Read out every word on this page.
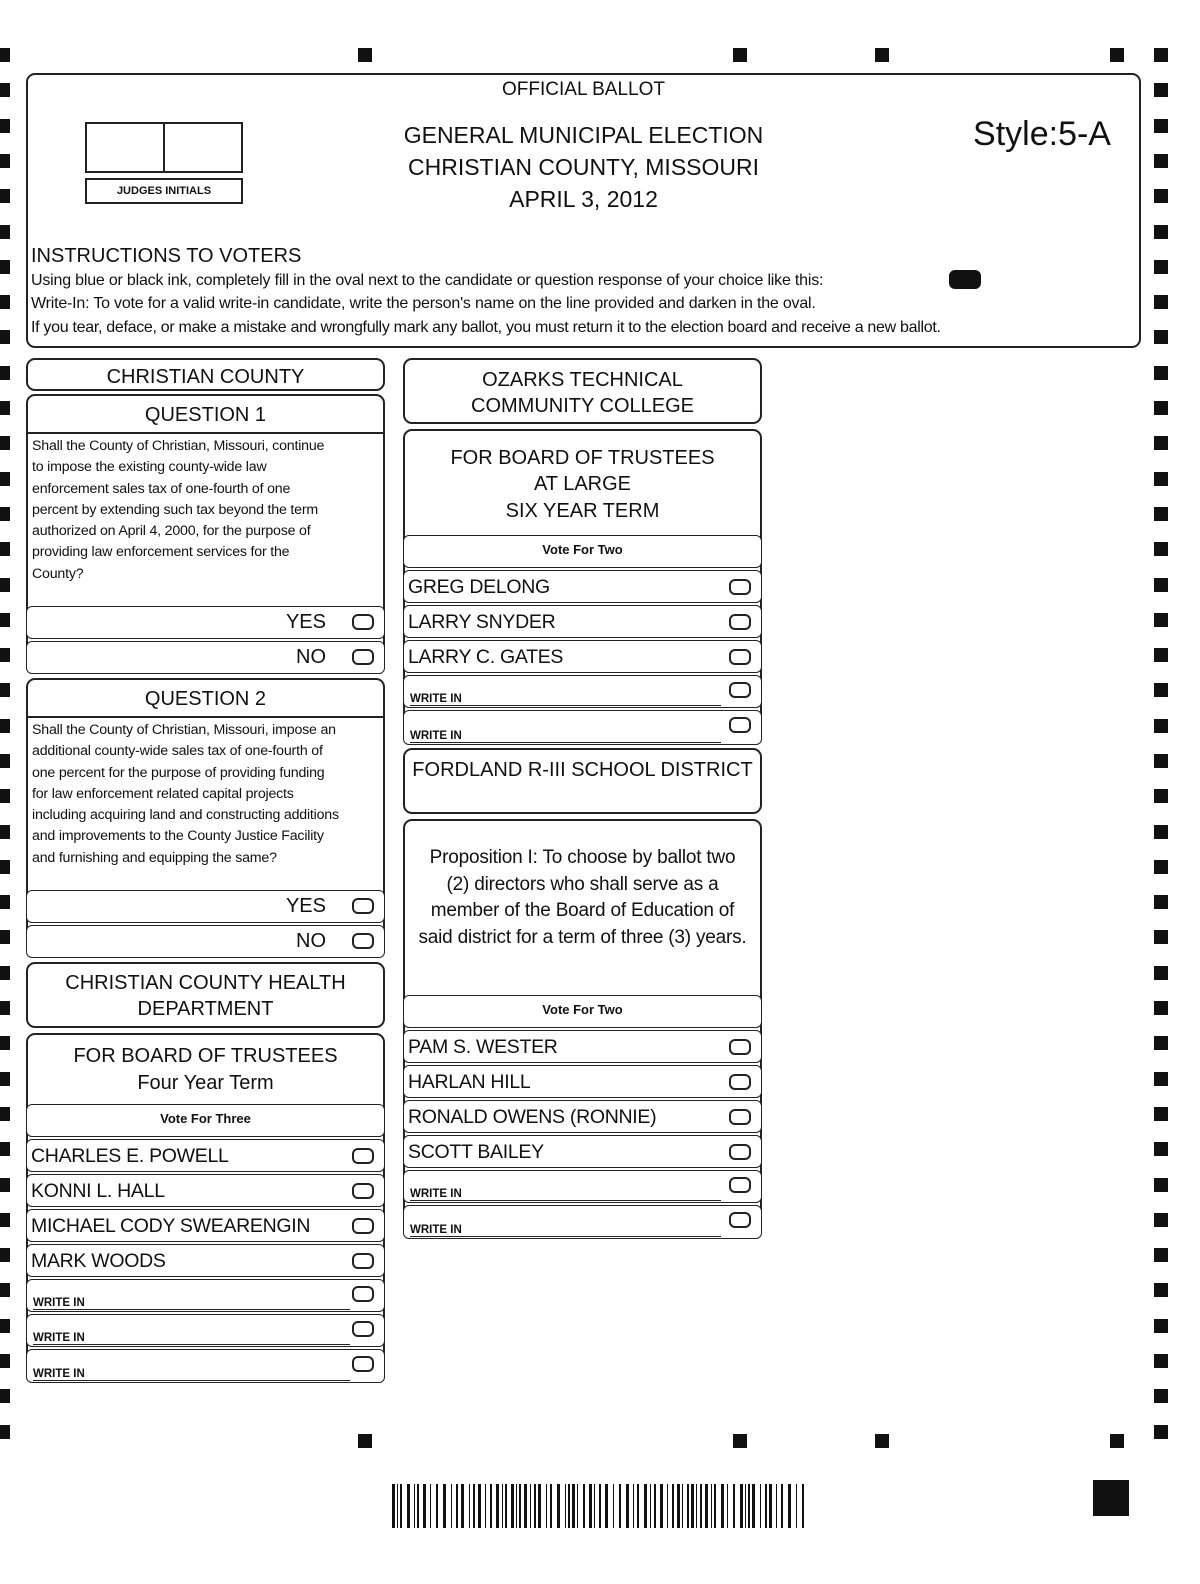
OFFICIAL BALLOT
GENERAL MUNICIPAL ELECTION
CHRISTIAN COUNTY, MISSOURI
APRIL 3, 2012
Style:5-A
JUDGES INITIALS
INSTRUCTIONS TO VOTERS
Using blue or black ink, completely fill in the oval next to the candidate or question response of your choice like this:
Write-In: To vote for a valid write-in candidate, write the person's name on the line provided and darken in the oval.
If you tear, deface, or make a mistake and wrongfully mark any ballot, you must return it to the election board and receive a new ballot.
CHRISTIAN COUNTY
QUESTION 1
Shall the County of Christian, Missouri, continue
to impose the existing county-wide law
enforcement sales tax of one-fourth of one
percent by extending such tax beyond the term
authorized on April 4, 2000, for the purpose of
providing law enforcement services for the
County?
YES
NO
QUESTION 2
Shall the County of Christian, Missouri, impose an
additional county-wide sales tax of one-fourth of
one percent for the purpose of providing funding
for law enforcement related capital projects
including acquiring land and constructing additions
and improvements to the County Justice Facility
and furnishing and equipping the same?
YES
NO
CHRISTIAN COUNTY HEALTH
DEPARTMENT
FOR BOARD OF TRUSTEES
Four Year Term
Vote For Three
CHARLES E. POWELL
KONNI L. HALL
MICHAEL CODY SWEARENGIN
MARK WOODS
WRITE IN
WRITE IN
WRITE IN
OZARKS TECHNICAL
COMMUNITY COLLEGE
FOR BOARD OF TRUSTEES
AT LARGE
SIX YEAR TERM
Vote For Two
GREG DELONG
LARRY SNYDER
LARRY C. GATES
WRITE IN
WRITE IN
FORDLAND R-III SCHOOL DISTRICT
Proposition I: To choose by ballot two
(2) directors who shall serve as a
member of the Board of Education of
said district for a term of three (3) years.
Vote For Two
PAM S. WESTER
HARLAN HILL
RONALD OWENS (RONNIE)
SCOTT BAILEY
WRITE IN
WRITE IN
